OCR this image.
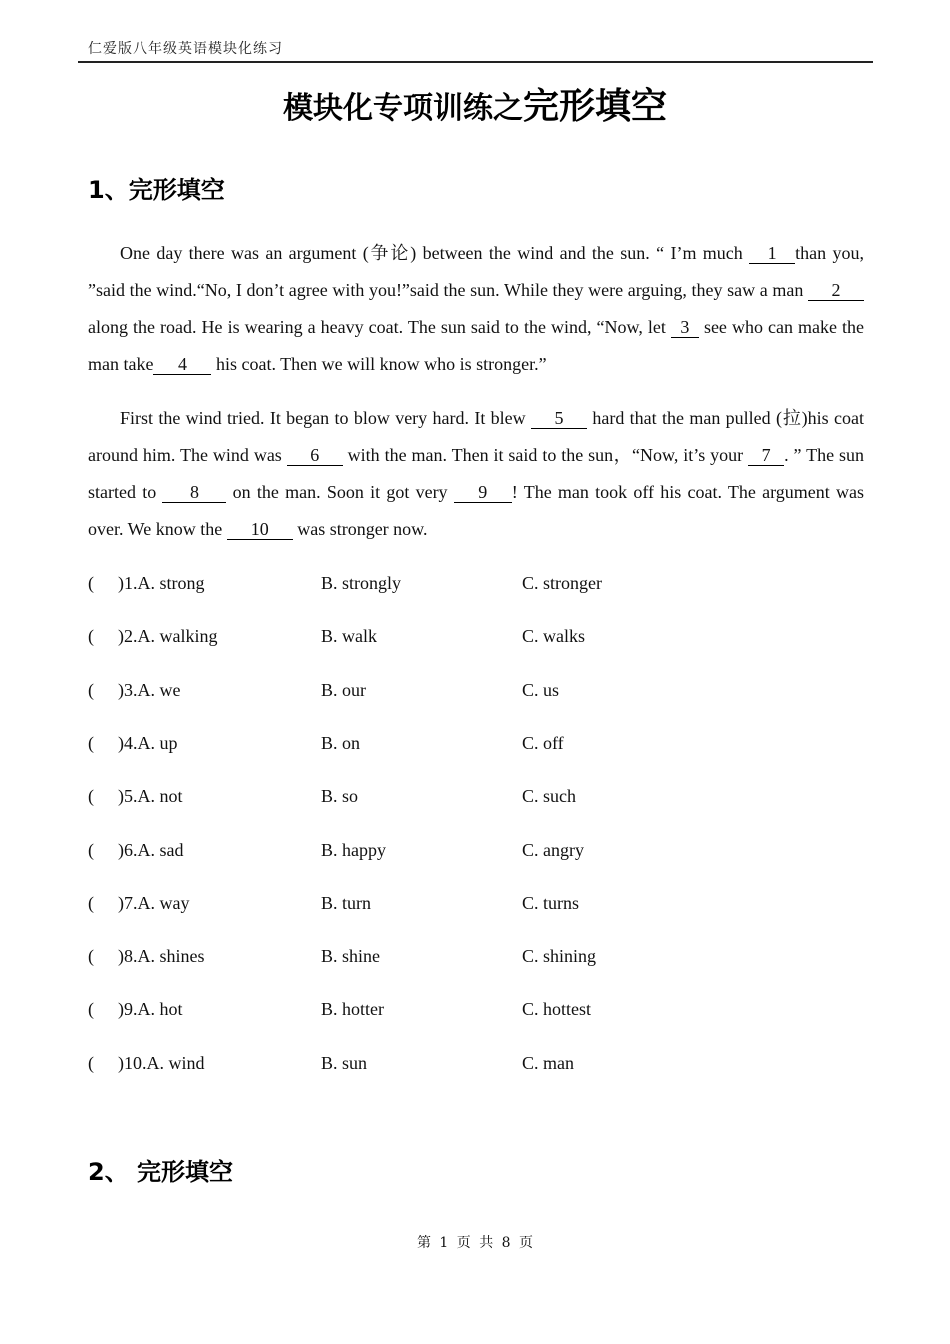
仁爱版八年级英语模块化练习
模块化专项训练之完形填空
1、完形填空
One day there was an argument (争论) between the wind and the sun. “ I’m much 1 than you, ”said the wind.“No, I don’t agree with you!”said the sun. While they were arguing, they saw a man 2 along the road. He is wearing a heavy coat. The sun said to the wind, “Now, let 3 see who can make the man take 4 his coat. Then we will know who is stronger.”
First the wind tried. It began to blow very hard. It blew 5 hard that the man pulled (拉)his coat around him. The wind was 6 with the man. Then it said to the sun，“Now, it’s your 7 . ” The sun started to 8 on the man. Soon it got very 9 ! The man took off his coat. The argument was over. We know the 10 was stronger now.
( )1.A. strong	B. strongly	C. stronger
( )2.A. walking	B. walk	C. walks
( )3.A. we	B. our	C. us
( )4.A. up	B. on	C. off
( )5.A. not	B. so	C. such
( )6.A. sad	B. happy	C. angry
( )7.A. way	B. turn	C. turns
( )8.A. shines	B. shine	C. shining
( )9.A. hot	B. hotter	C. hottest
( )10.A. wind	B. sun	C. man
2、 完形填空
第 1 页 共 8 页
